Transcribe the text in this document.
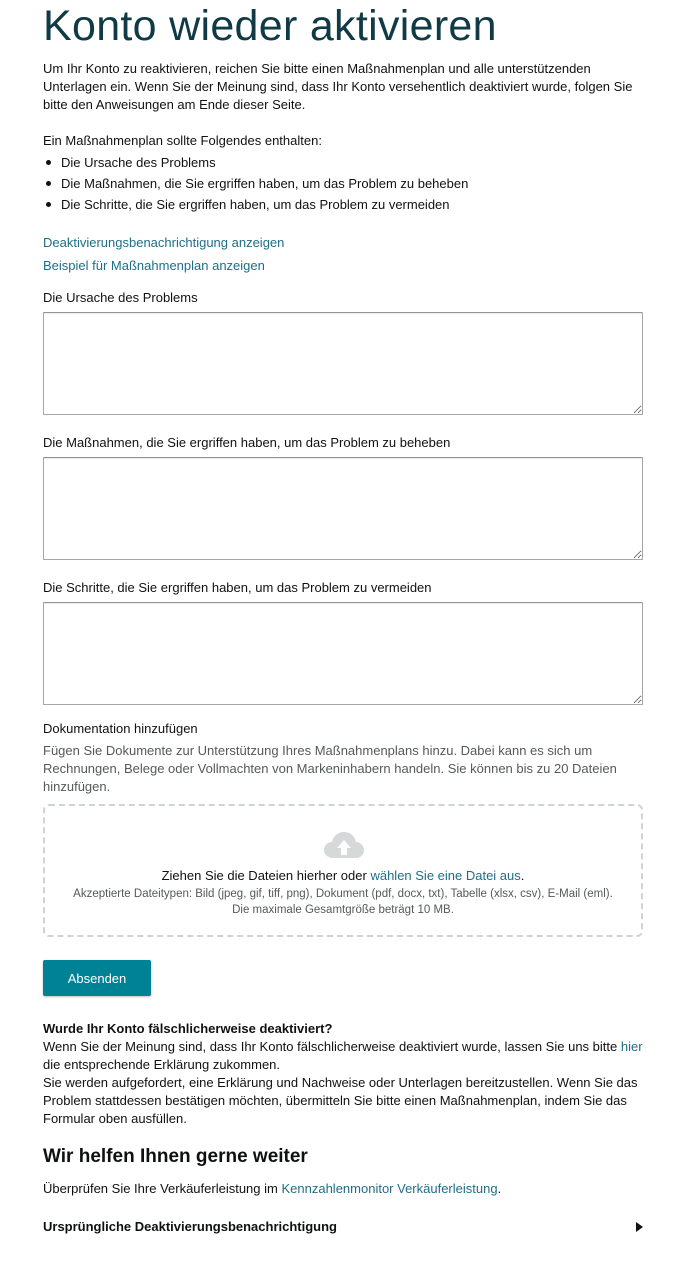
Konto wieder aktivieren
Um Ihr Konto zu reaktivieren, reichen Sie bitte einen Maßnahmenplan und alle unterstützenden Unterlagen ein. Wenn Sie der Meinung sind, dass Ihr Konto versehentlich deaktiviert wurde, folgen Sie bitte den Anweisungen am Ende dieser Seite.
Ein Maßnahmenplan sollte Folgendes enthalten:
Die Ursache des Problems
Die Maßnahmen, die Sie ergriffen haben, um das Problem zu beheben
Die Schritte, die Sie ergriffen haben, um das Problem zu vermeiden
Deaktivierungsbenachrichtigung anzeigen
Beispiel für Maßnahmenplan anzeigen
Die Ursache des Problems
Die Maßnahmen, die Sie ergriffen haben, um das Problem zu beheben
Die Schritte, die Sie ergriffen haben, um das Problem zu vermeiden
Dokumentation hinzufügen
Fügen Sie Dokumente zur Unterstützung Ihres Maßnahmenplans hinzu. Dabei kann es sich um Rechnungen, Belege oder Vollmachten von Markeninhabern handeln. Sie können bis zu 20 Dateien hinzufügen.
Ziehen Sie die Dateien hierher oder wählen Sie eine Datei aus.
Akzeptierte Dateitypen: Bild (jpeg, gif, tiff, png), Dokument (pdf, docx, txt), Tabelle (xlsx, csv), E-Mail (eml). Die maximale Gesamtgröße beträgt 10 MB.
Absenden
Wurde Ihr Konto fälschlicherweise deaktiviert?
Wenn Sie der Meinung sind, dass Ihr Konto fälschlicherweise deaktiviert wurde, lassen Sie uns bitte hier die entsprechende Erklärung zukommen.
Sie werden aufgefordert, eine Erklärung und Nachweise oder Unterlagen bereitzustellen. Wenn Sie das Problem stattdessen bestätigen möchten, übermitteln Sie bitte einen Maßnahmenplan, indem Sie das Formular oben ausfüllen.
Wir helfen Ihnen gerne weiter
Überprüfen Sie Ihre Verkäuferleistung im Kennzahlenmonitor Verkäuferleistung.
Ursprüngliche Deaktivierungsbenachrichtigung
